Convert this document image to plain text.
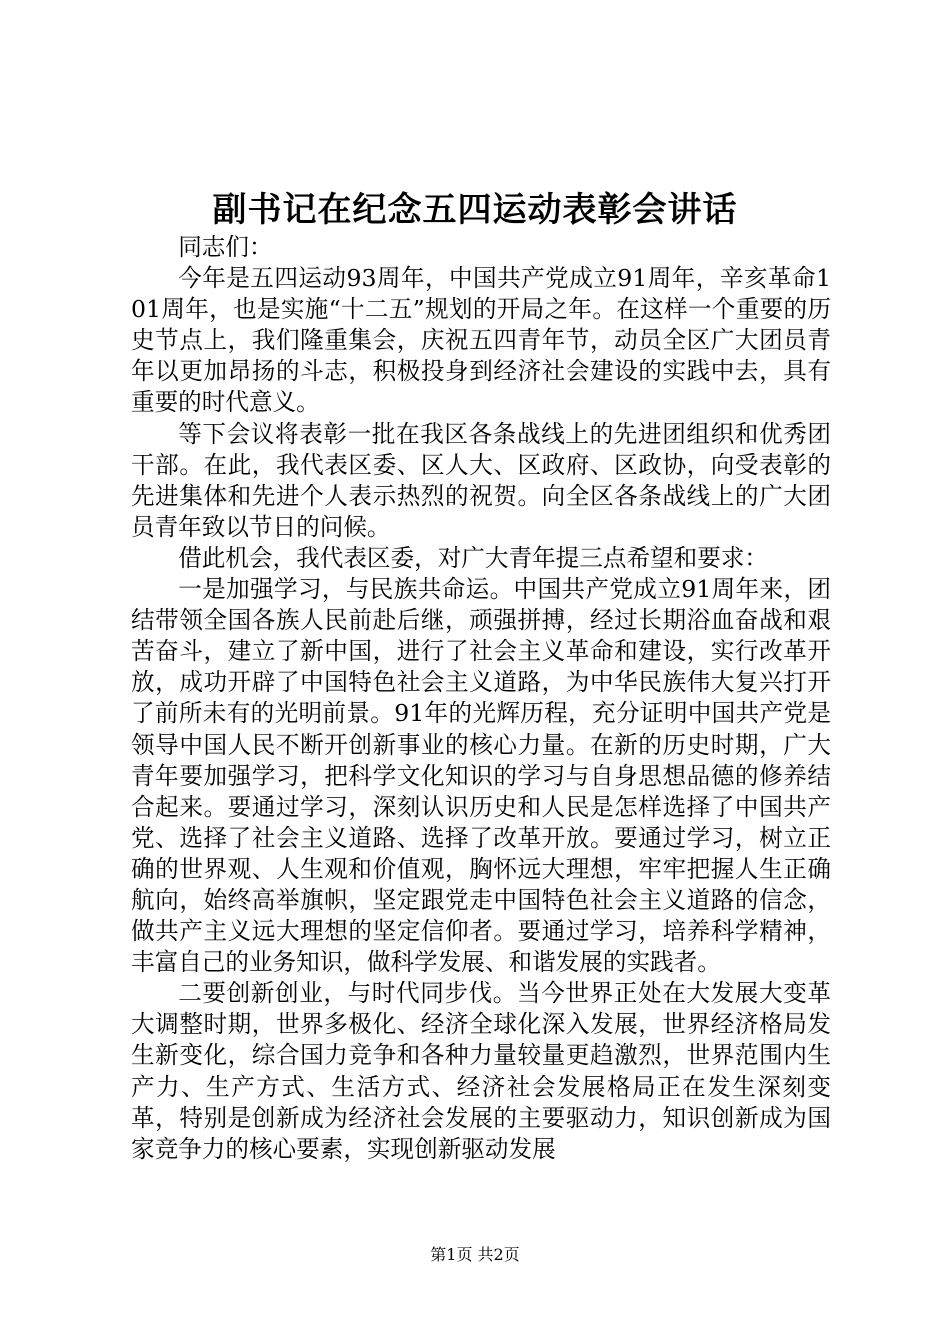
副书记在纪念五四运动表彰会讲话

同志们：

今年是五四运动93周年，中国共产党成立91周年，辛亥革命101周年，也是实施“十二五”规划的开局之年。在这样一个重要的历史节点上，我们隆重集会，庆祝五四青年节，动员全区广大团员青年以更加昂扬的斗志，积极投身到经济社会建设的实践中去，具有重要的时代意义。

等下会议将表彰一批在我区各条战线上的先进团组织和优秀团干部。在此，我代表区委、区人大、区政府、区政协，向受表彰的先进集体和先进个人表示热烈的祝贺。向全区各条战线上的广大团员青年致以节日的问候。

借此机会，我代表区委，对广大青年提三点希望和要求：

一是加强学习，与民族共命运。中国共产党成立91周年来，团结带领全国各族人民前赴后继，顽强拼搏，经过长期浴血奋战和艰苦奋斗，建立了新中国，进行了社会主义革命和建设，实行改革开放，成功开辟了中国特色社会主义道路，为中华民族伟大复兴打开了前所未有的光明前景。91年的光辉历程，充分证明中国共产党是领导中国人民不断开创新事业的核心力量。在新的历史时期，广大青年要加强学习，把科学文化知识的学习与自身思想品德的修养结合起来。要通过学习，深刻认识历史和人民是怎样选择了中国共产党、选择了社会主义道路、选择了改革开放。要通过学习，树立正确的世界观、人生观和价值观，胸怀远大理想，牢牢把握人生正确航向，始终高举旗帜，坚定跟党走中国特色社会主义道路的信念，做共产主义远大理想的坚定信仰者。要通过学习，培养科学精神，丰富自己的业务知识，做科学发展、和谐发展的实践者。

二要创新创业，与时代同步伐。当今世界正处在大发展大变革大调整时期，世界多极化、经济全球化深入发展，世界经济格局发生新变化，综合国力竞争和各种力量较量更趋激烈，世界范围内生产力、生产方式、生活方式、经济社会发展格局正在发生深刻变革，特别是创新成为经济社会发展的主要驱动力，知识创新成为国家竞争力的核心要素，实现创新驱动发展

第1页 共2页
